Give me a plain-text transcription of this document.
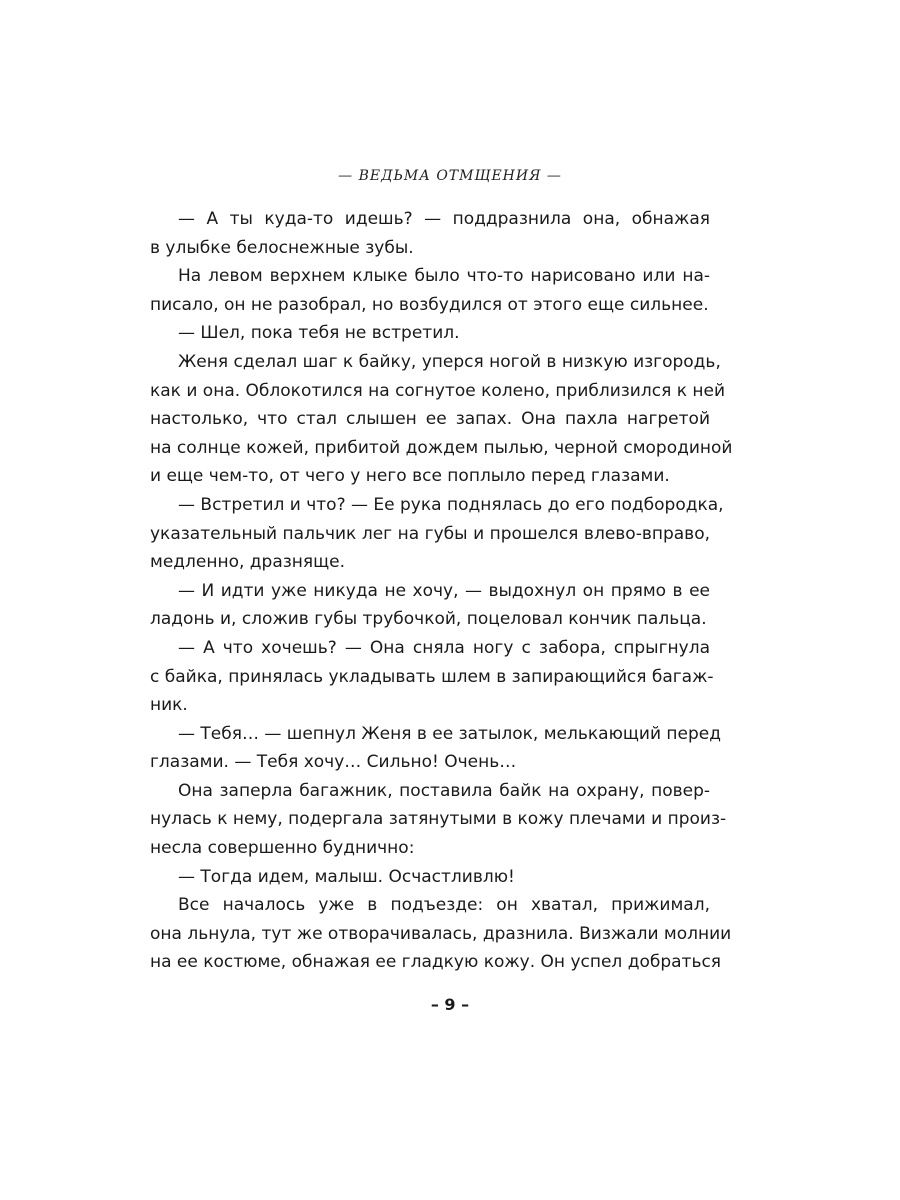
— ВЕДЬМА ОТМЩЕНИЯ —
— А ты куда-то идешь? — поддразнила она, обнажая
в улыбке белоснежные зубы.
На левом верхнем клыке было что-то нарисовано или на-
писало, он не разобрал, но возбудился от этого еще сильнее.
— Шел, пока тебя не встретил.
Женя сделал шаг к байку, уперся ногой в низкую изгородь,
как и она. Облокотился на согнутое колено, приблизился к ней
настолько, что стал слышен ее запах. Она пахла нагретой
на солнце кожей, прибитой дождем пылью, черной смородиной
и еще чем-то, от чего у него все поплыло перед глазами.
— Встретил и что? — Ее рука поднялась до его подбородка,
указательный пальчик лег на губы и прошелся влево-вправо,
медленно, дразняще.
— И идти уже никуда не хочу, — выдохнул он прямо в ее
ладонь и, сложив губы трубочкой, поцеловал кончик пальца.
— А что хочешь? — Она сняла ногу с забора, спрыгнула
с байка, принялась укладывать шлем в запирающийся багаж-
ник.
— Тебя… — шепнул Женя в ее затылок, мелькающий перед
глазами. — Тебя хочу… Сильно! Очень…
Она заперла багажник, поставила байк на охрану, повер-
нулась к нему, подергала затянутыми в кожу плечами и произ-
несла совершенно буднично:
— Тогда идем, малыш. Осчастливлю!
Все началось уже в подъезде: он хватал, прижимал,
она льнула, тут же отворачивалась, дразнила. Визжали молнии
на ее костюме, обнажая ее гладкую кожу. Он успел добраться
– 9 –
